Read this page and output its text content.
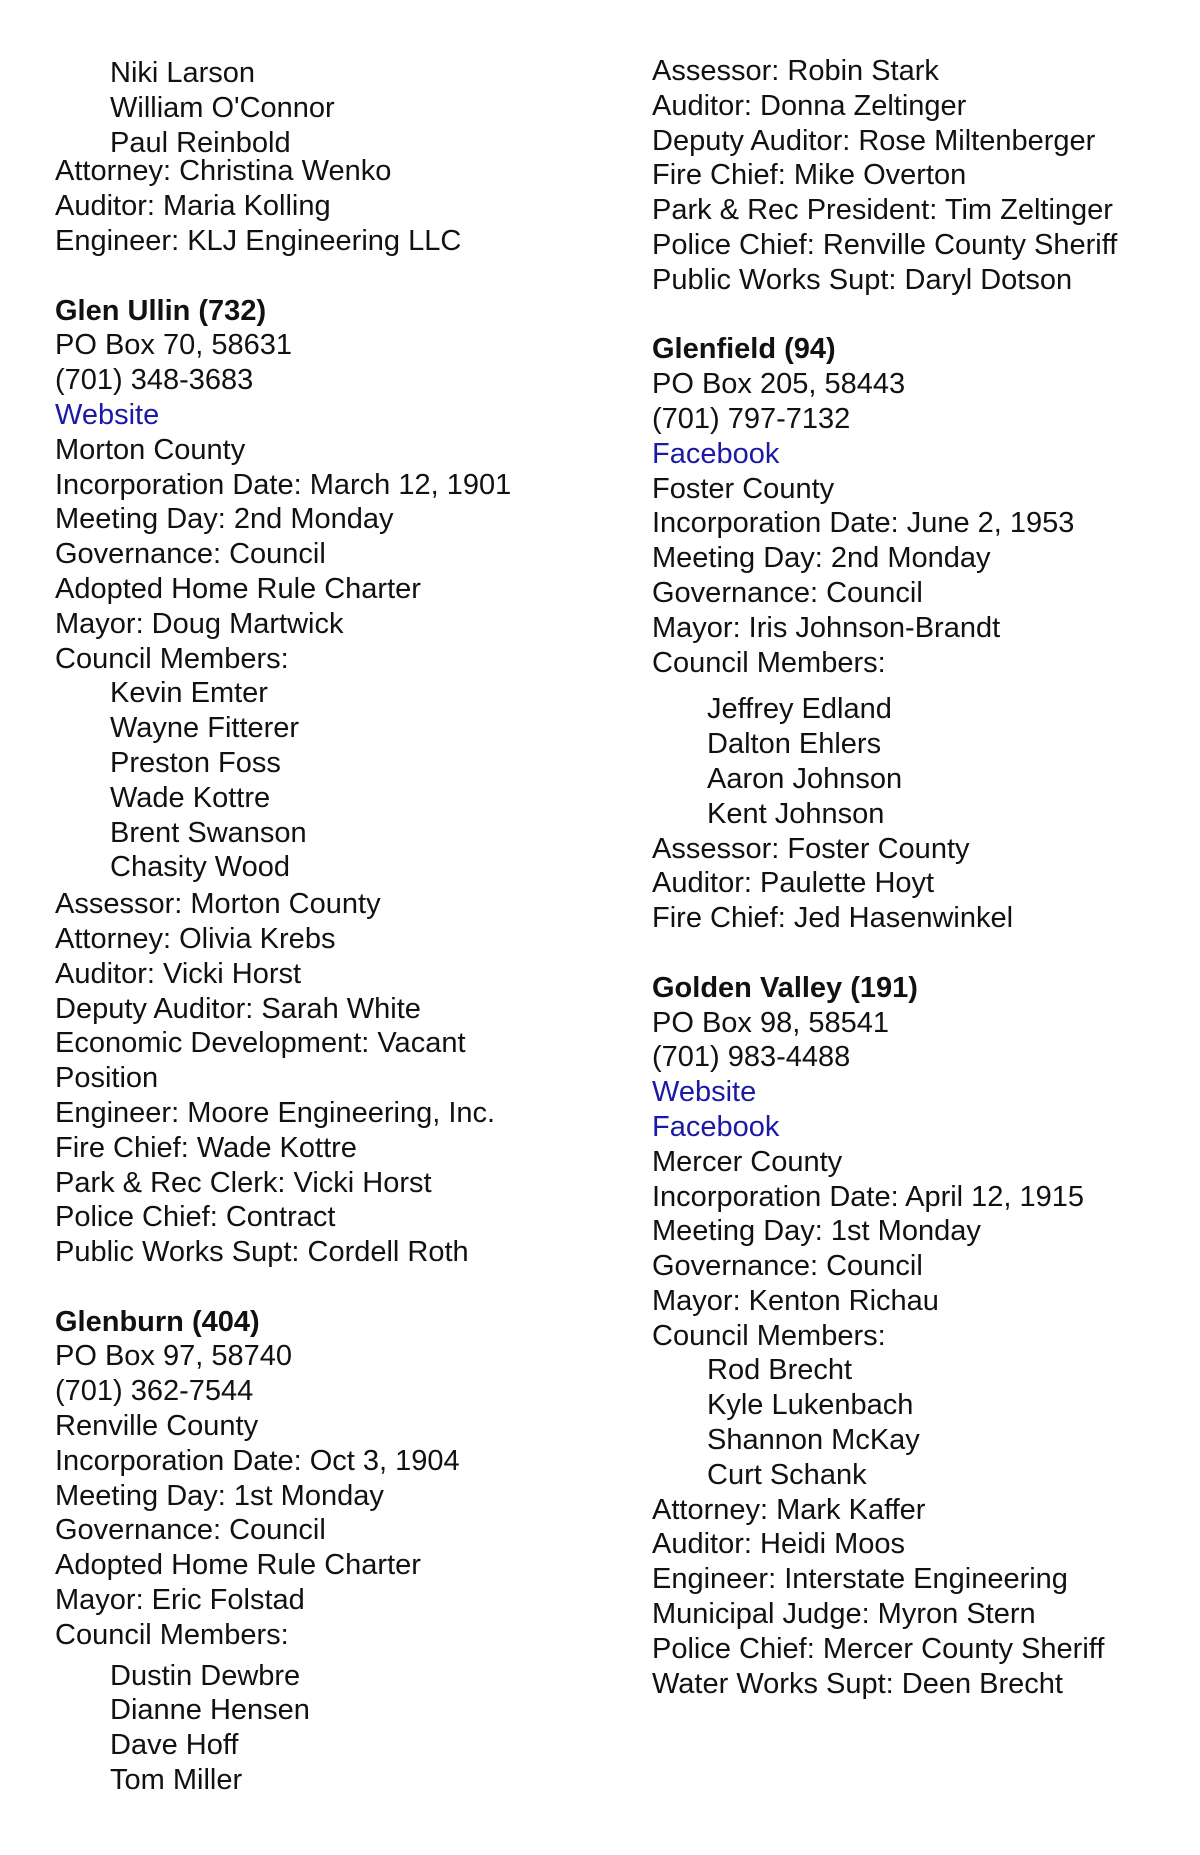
Niki Larson
William O'Connor
Paul Reinbold
Attorney: Christina Wenko
Auditor: Maria Kolling
Engineer: KLJ Engineering LLC
Glen Ullin (732)
PO Box 70, 58631
(701) 348-3683
Website
Morton County
Incorporation Date: March 12, 1901
Meeting Day: 2nd Monday
Governance: Council
Adopted Home Rule Charter
Mayor: Doug Martwick
Council Members:
Kevin Emter
Wayne Fitterer
Preston Foss
Wade Kottre
Brent Swanson
Chasity Wood
Assessor: Morton County
Attorney: Olivia Krebs
Auditor: Vicki Horst
Deputy Auditor: Sarah White
Economic Development: Vacant
Position
Engineer: Moore Engineering, Inc.
Fire Chief: Wade Kottre
Park & Rec Clerk: Vicki Horst
Police Chief: Contract
Public Works Supt: Cordell Roth
Glenburn (404)
PO Box 97, 58740
(701) 362-7544
Renville County
Incorporation Date: Oct 3, 1904
Meeting Day: 1st Monday
Governance: Council
Adopted Home Rule Charter
Mayor: Eric Folstad
Council Members:
Dustin Dewbre
Dianne Hensen
Dave Hoff
Tom Miller
Assessor: Robin Stark
Auditor: Donna Zeltinger
Deputy Auditor: Rose Miltenberger
Fire Chief: Mike Overton
Park & Rec President: Tim Zeltinger
Police Chief: Renville County Sheriff
Public Works Supt: Daryl Dotson
Glenfield (94)
PO Box 205, 58443
(701) 797-7132
Facebook
Foster County
Incorporation Date: June 2, 1953
Meeting Day: 2nd Monday
Governance: Council
Mayor: Iris Johnson-Brandt
Council Members:
Jeffrey Edland
Dalton Ehlers
Aaron Johnson
Kent Johnson
Assessor: Foster County
Auditor: Paulette Hoyt
Fire Chief: Jed Hasenwinkel
Golden Valley (191)
PO Box 98, 58541
(701) 983-4488
Website
Facebook
Mercer County
Incorporation Date: April 12, 1915
Meeting Day: 1st Monday
Governance: Council
Mayor: Kenton Richau
Council Members:
Rod Brecht
Kyle Lukenbach
Shannon McKay
Curt Schank
Attorney: Mark Kaffer
Auditor: Heidi Moos
Engineer: Interstate Engineering
Municipal Judge: Myron Stern
Police Chief: Mercer County Sheriff
Water Works Supt: Deen Brecht
